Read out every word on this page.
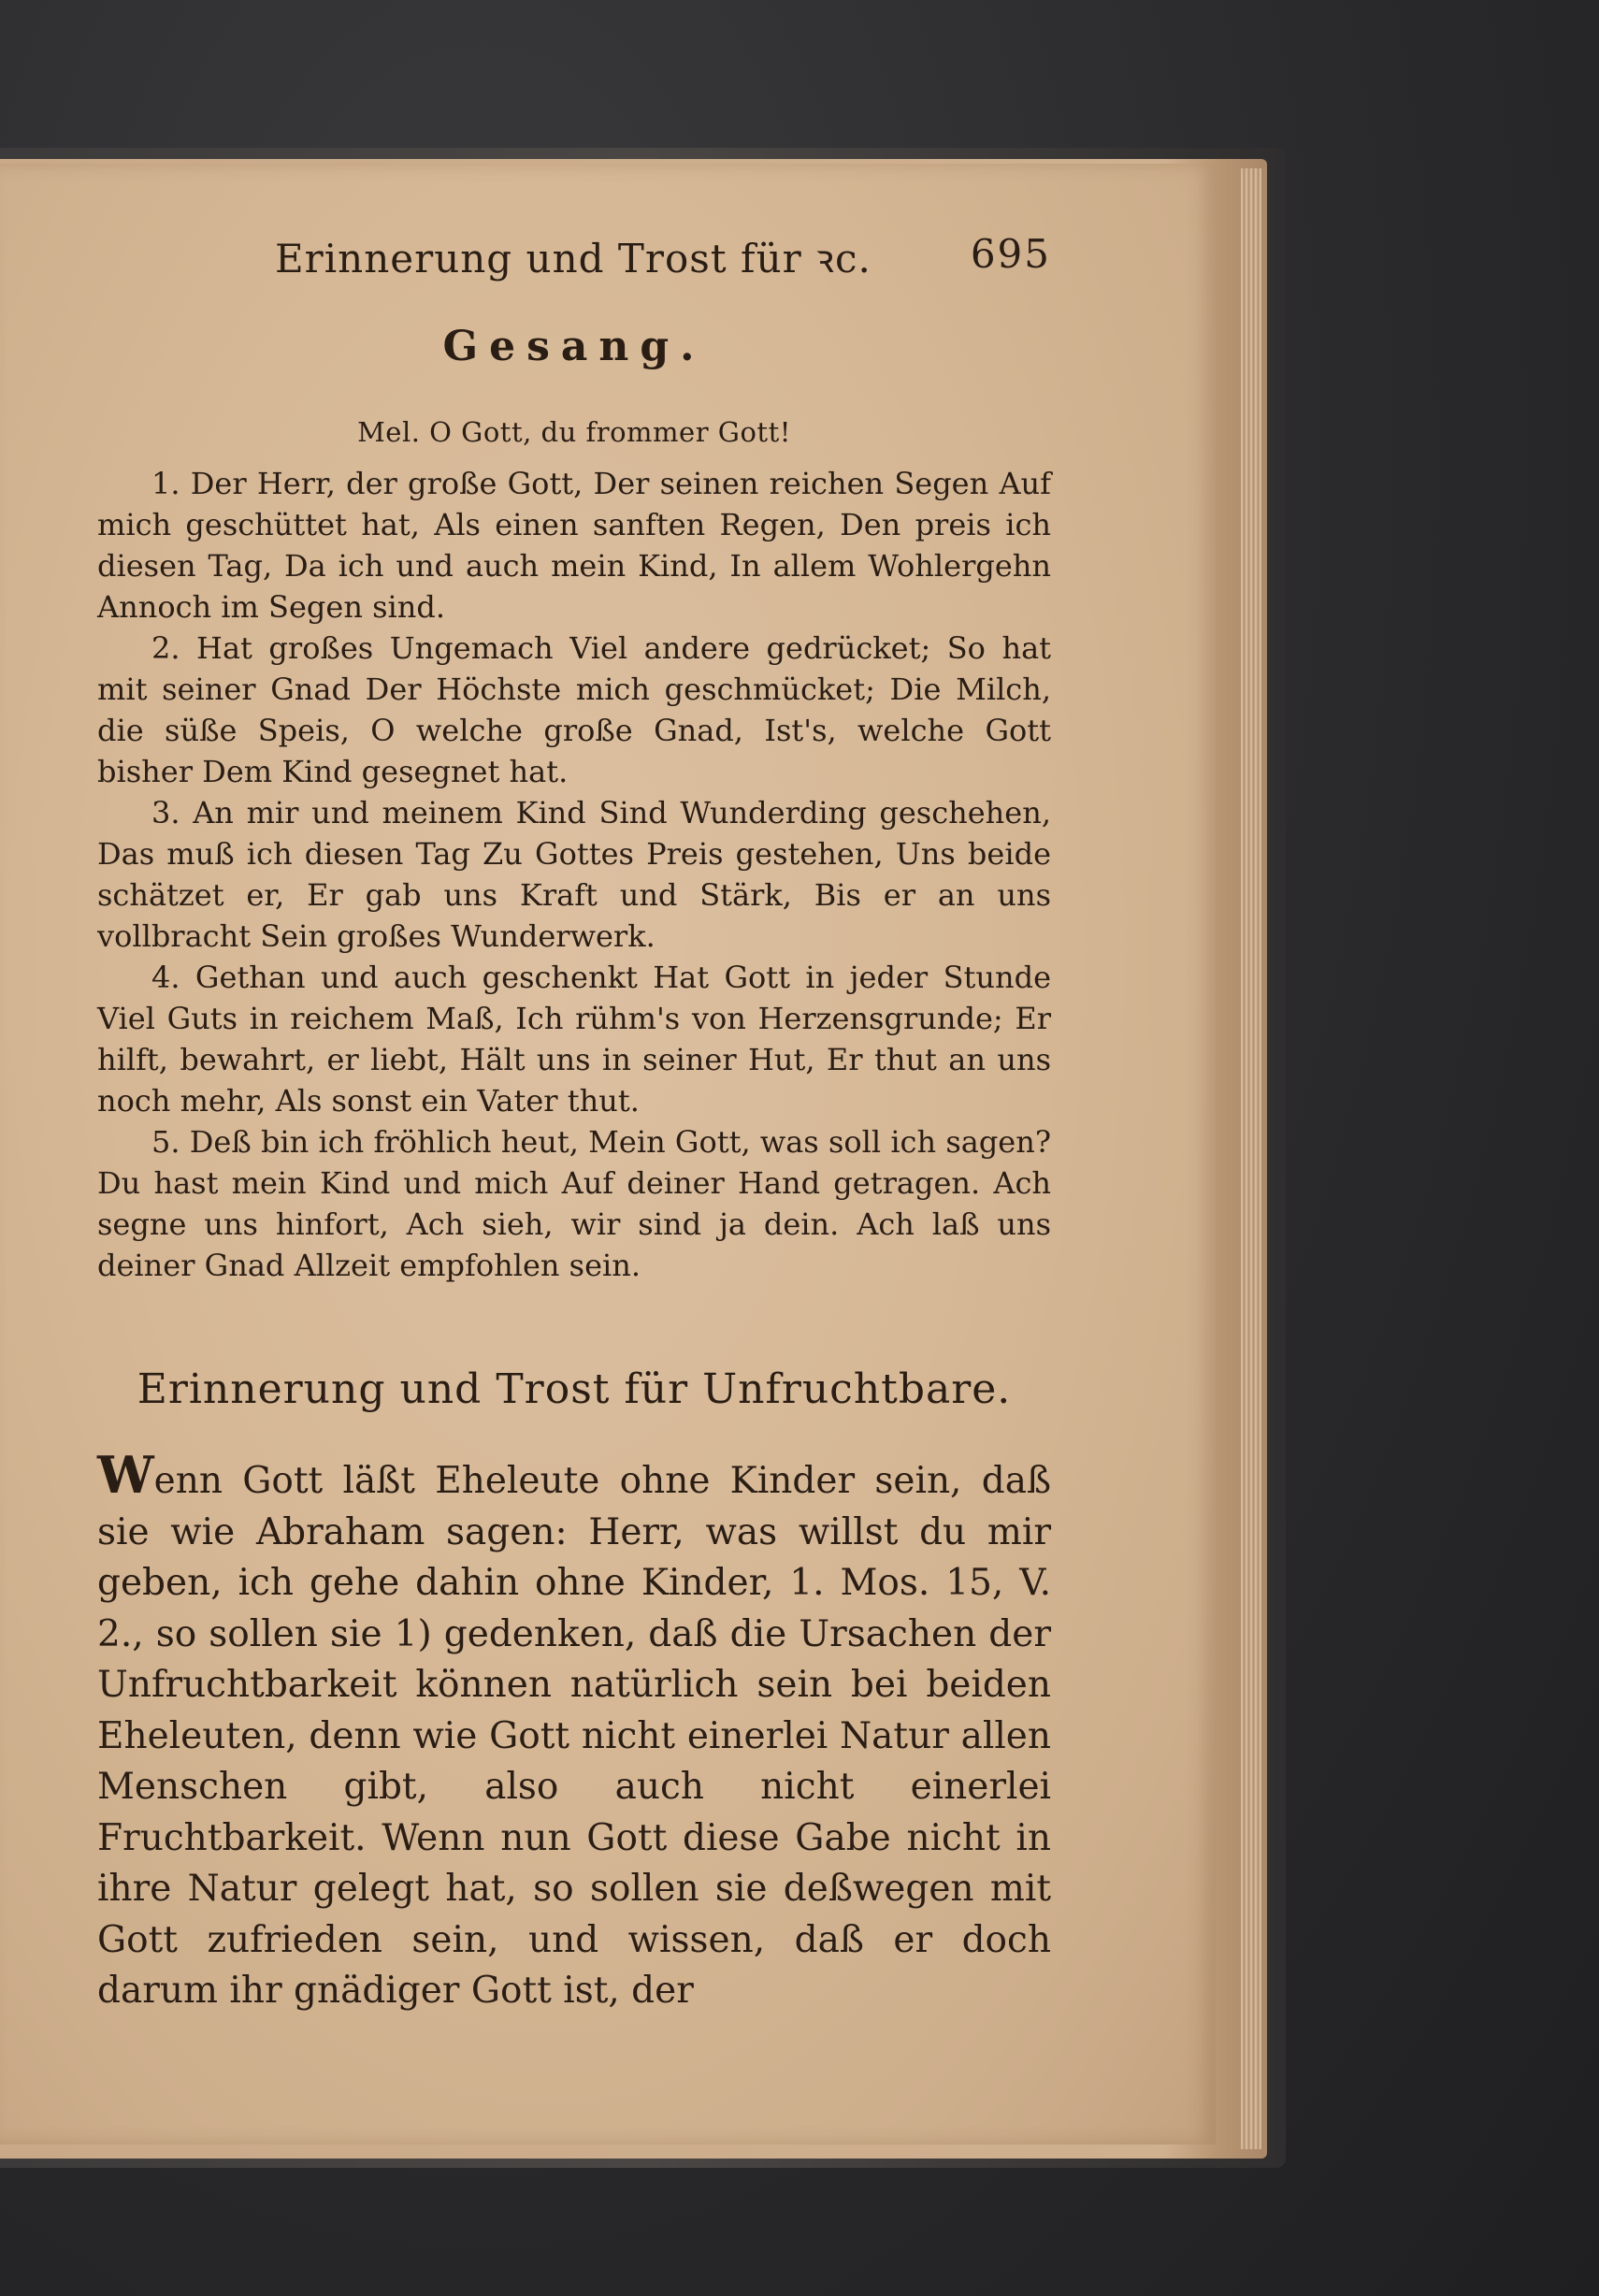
Erinnerung und Trost für ꝛc.	695
Gesang.
Mel. O Gott, du frommer Gott!

1. Der Herr, der große Gott, Der seinen reichen Segen Auf mich geschüttet hat, Als einen sanften Regen, Den preis ich diesen Tag, Da ich und auch mein Kind, In allem Wohlergehn Annoch im Segen sind.

2. Hat großes Ungemach Viel andere gedrücket; So hat mit seiner Gnad Der Höchste mich geschmücket; Die Milch, die süße Speis, O welche große Gnad, Ist's, welche Gott bisher Dem Kind gesegnet hat.

3. An mir und meinem Kind Sind Wunderding geschehen, Das muß ich diesen Tag Zu Gottes Preis gestehen, Uns beide schätzet er, Er gab uns Kraft und Stärk, Bis er an uns vollbracht Sein großes Wunderwerk.

4. Gethan und auch geschenkt Hat Gott in jeder Stunde Viel Guts in reichem Maß, Ich rühm's von Herzensgrunde; Er hilft, bewahrt, er liebt, Hält uns in seiner Hut, Er thut an uns noch mehr, Als sonst ein Vater thut.

5. Deß bin ich fröhlich heut, Mein Gott, was soll ich sagen? Du hast mein Kind und mich Auf deiner Hand getragen. Ach segne uns hinfort, Ach sieh, wir sind ja dein. Ach laß uns deiner Gnad Allzeit empfohlen sein.

Erinnerung und Trost für Unfruchtbare.

Wenn Gott läßt Eheleute ohne Kinder sein, daß sie wie Abraham sagen: Herr, was willst du mir geben, ich gehe dahin ohne Kinder, 1. Mos. 15, V. 2., so sollen sie 1) gedenken, daß die Ursachen der Unfruchtbarkeit können natürlich sein bei beiden Eheleuten, denn wie Gott nicht einerlei Natur allen Menschen gibt, also auch nicht einerlei Fruchtbarkeit. Wenn nun Gott diese Gabe nicht in ihre Natur gelegt hat, so sollen sie deßwegen mit Gott zufrieden sein, und wissen, daß er doch darum ihr gnädiger Gott ist, der
